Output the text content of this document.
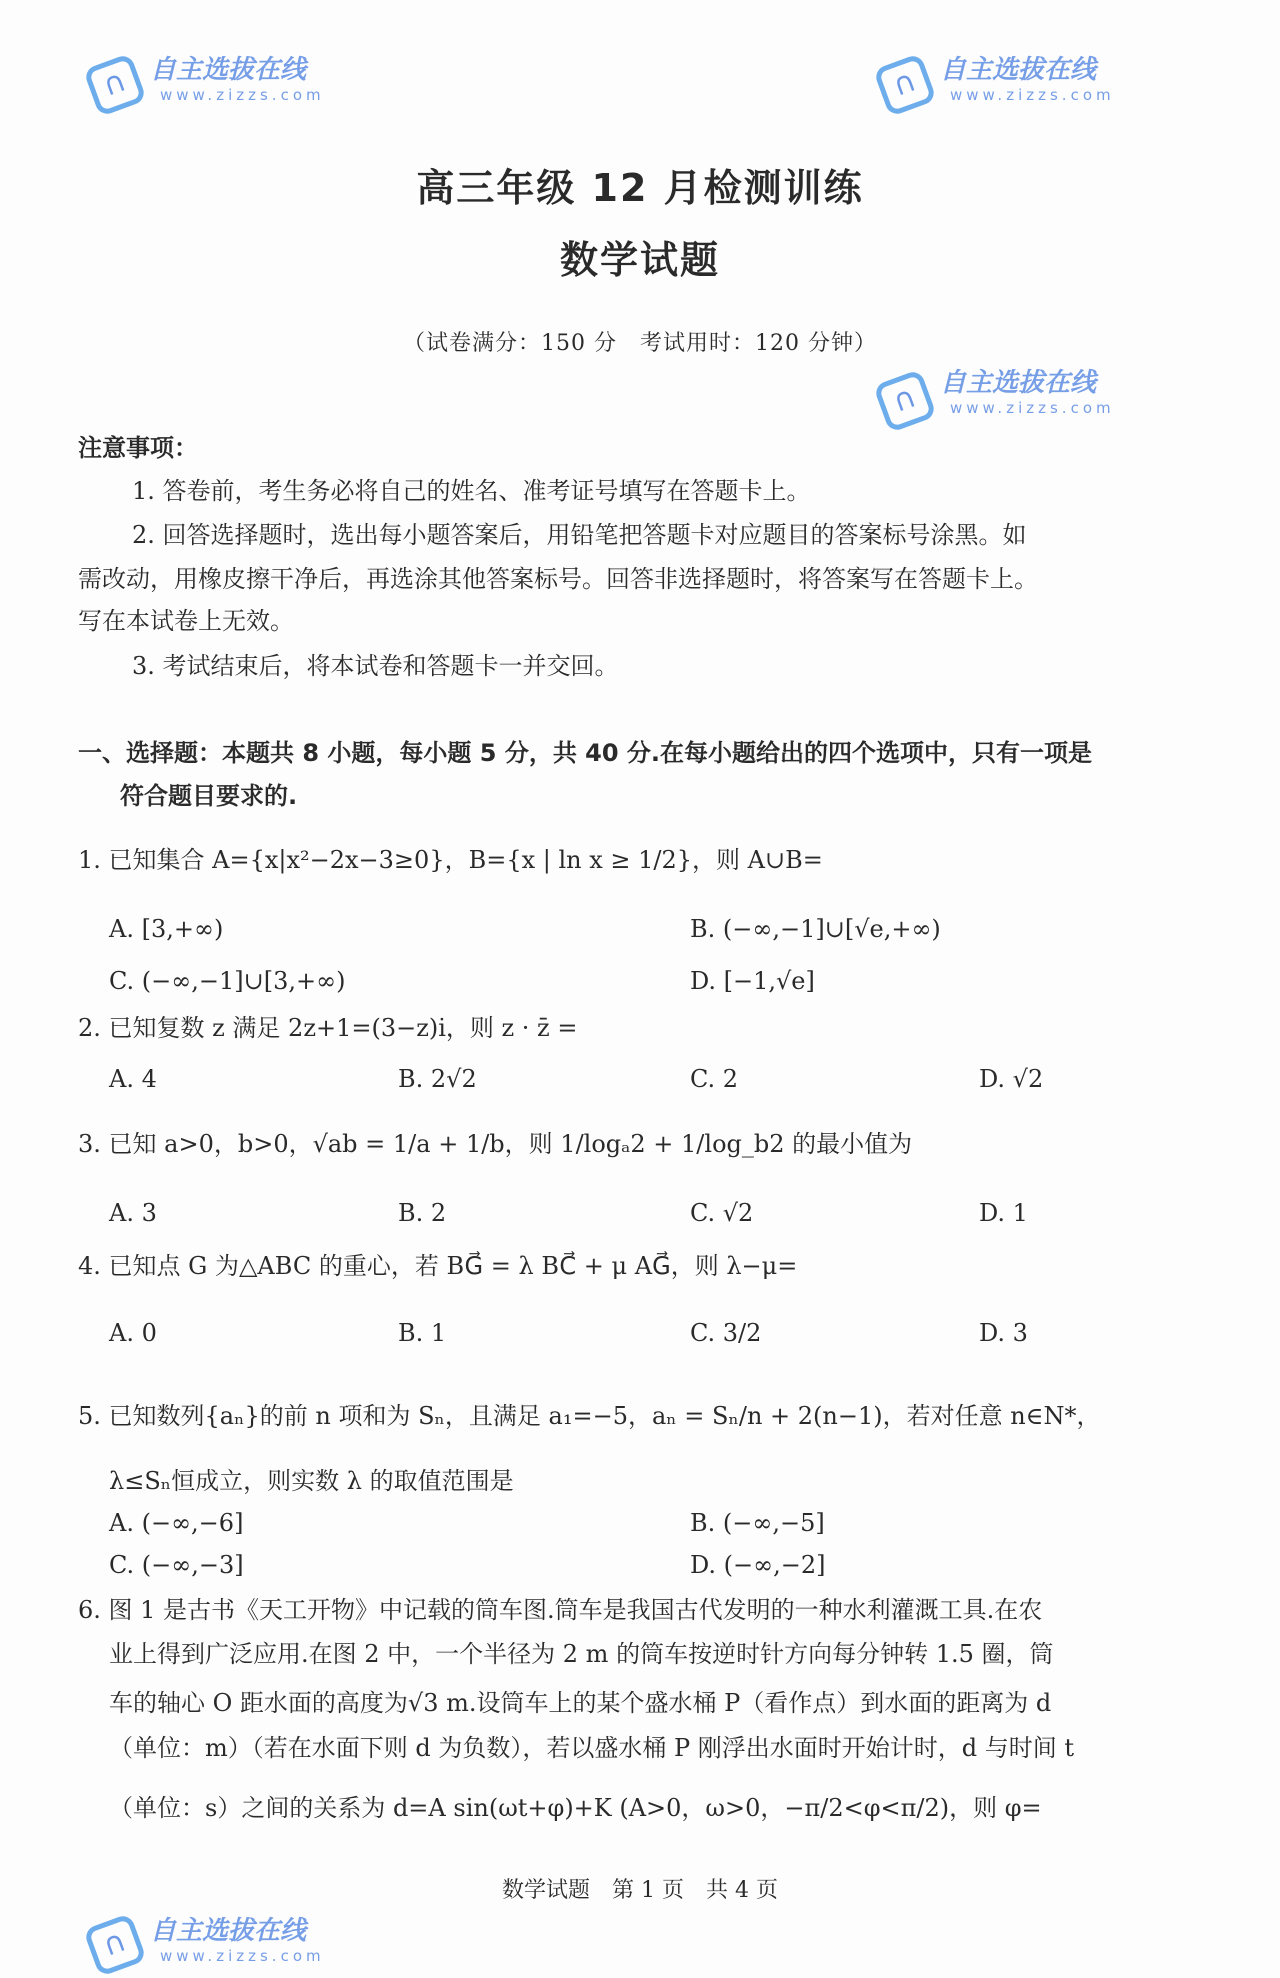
高三年级 12 月检测训练
数学试题
（试卷满分：150 分　考试用时：120 分钟）
注意事项：
1. 答卷前，考生务必将自己的姓名、准考证号填写在答题卡上。
2. 回答选择题时，选出每小题答案后，用铅笔把答题卡对应题目的答案标号涂黑。如
需改动，用橡皮擦干净后，再选涂其他答案标号。回答非选择题时，将答案写在答题卡上。
写在本试卷上无效。
3. 考试结束后，将本试卷和答题卡一并交回。
一、选择题：本题共 8 小题，每小题 5 分，共 40 分.在每小题给出的四个选项中，只有一项是
符合题目要求的.
1. 已知集合 A={x|x²−2x−3≥0}，B={x | ln x ≥ 1/2}，则 A∪B=
A. [3,+∞)	B. (−∞,−1]∪[√e,+∞)
C. (−∞,−1]∪[3,+∞)	D. [−1,√e]
2. 已知复数 z 满足 2z+1=(3−z)i，则 z · z̄ =
A. 4	B. 2√2	C. 2	D. √2
3. 已知 a>0，b>0，√ab = 1/a + 1/b，则 1/logₐ2 + 1/log_b2 的最小值为
A. 3	B. 2	C. √2	D. 1
4. 已知点 G 为△ABC 的重心，若 BG⃗ = λ BC⃗ + μ AG⃗，则 λ−μ=
A. 0	B. 1	C. 3/2	D. 3
5. 已知数列{aₙ}的前 n 项和为 Sₙ，且满足 a₁=−5，aₙ = Sₙ/n + 2(n−1)，若对任意 n∈N*，
λ≤Sₙ恒成立，则实数 λ 的取值范围是
A. (−∞,−6]	B. (−∞,−5]
C. (−∞,−3]	D. (−∞,−2]
6. 图 1 是古书《天工开物》中记载的筒车图.筒车是我国古代发明的一种水利灌溉工具.在农
业上得到广泛应用.在图 2 中，一个半径为 2 m 的筒车按逆时针方向每分钟转 1.5 圈，筒
车的轴心 O 距水面的高度为√3 m.设筒车上的某个盛水桶 P（看作点）到水面的距离为 d
（单位：m）（若在水面下则 d 为负数），若以盛水桶 P 刚浮出水面时开始计时，d 与时间 t
（单位：s）之间的关系为 d=A sin(ωt+φ)+K (A>0，ω>0，−π/2<φ<π/2)，则 φ=
数学试题　第 1 页　共 4 页
∩ 自主选拔在线
www.zizzs.com	∩ 自主选拔在线
www.zizzs.com
∩ 自主选拔在线
www.zizzs.com
∩ 自主选拔在线
www.zizzs.com
